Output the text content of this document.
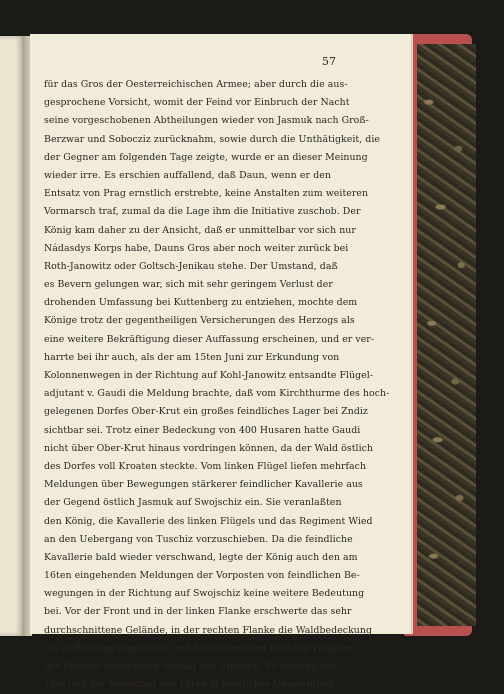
57
für das Gros der Oesterreichischen Armee; aber durch die aus-
gesprochene Vorsicht, womit der Feind vor Einbruch der Nacht
seine vorgeschobenen Abtheilungen wieder von Jasmuk nach Groß-
Berzwar und Sobocziz zurücknahm, sowie durch die Unthätigkeit, die
der Gegner am folgenden Tage zeigte, wurde er an dieser Meinung
wieder irre. Es erschien auffallend, daß Daun, wenn er den
Entsatz von Prag ernstlich erstrebte, keine Anstalten zum weiteren
Vormarsch traf, zumal da die Lage ihm die Initiative zuschob. Der
König kam daher zu der Ansicht, daß er unmittelbar vor sich nur
Nádasdys Korps habe, Dauns Gros aber noch weiter zurück bei
Roth-Janowitz oder Goltsch-Jenikau stehe. Der Umstand, daß
es Bevern gelungen war, sich mit sehr geringem Verlust der
drohenden Umfassung bei Kuttenberg zu entziehen, mochte dem
Könige trotz der gegentheiligen Versicherungen des Herzogs als
eine weitere Bekräftigung dieser Auffassung erscheinen, und er ver-
harrte bei ihr auch, als der am 15ten Juni zur Erkundung von
Kolonnenwegen in der Richtung auf Kohl-Janowitz entsandte Flügel-
adjutant v. Gaudi die Meldung brachte, daß vom Kirchthurme des hoch-
gelegenen Dorfes Ober-Krut ein großes feindliches Lager bei Zndiz
sichtbar sei. Trotz einer Bedeckung von 400 Husaren hatte Gaudi
nicht über Ober-Krut hinaus vordringen können, da der Wald östlich
des Dorfes voll Kroaten steckte. Vom linken Flügel liefen mehrfach
Meldungen über Bewegungen stärkerer feindlicher Kavallerie aus
der Gegend östlich Jasmuk auf Swojschiz ein. Sie veranlaßten
den König, die Kavallerie des linken Flügels und das Regiment Wied
an den Uebergang von Tuschiz vorzuschieben. Da die feindliche
Kavallerie bald wieder verschwand, legte der König auch den am
16ten eingehenden Meldungen der Vorposten von feindlichen Be-
wegungen in der Richtung auf Swojschiz keine weitere Bedeutung
bei. Vor der Front und in der linken Flanke erschwerte das sehr
durchschnittene Gelände, in der rechten Flanke die Waldbedeckung
die Aufklärung ungemein, und die zahlreichen leichten Truppen
des Feindes verwehrten überall den Einblick. So verging der
15te und der Vormittag des 16ten in peinlicher Ungewißheit.
